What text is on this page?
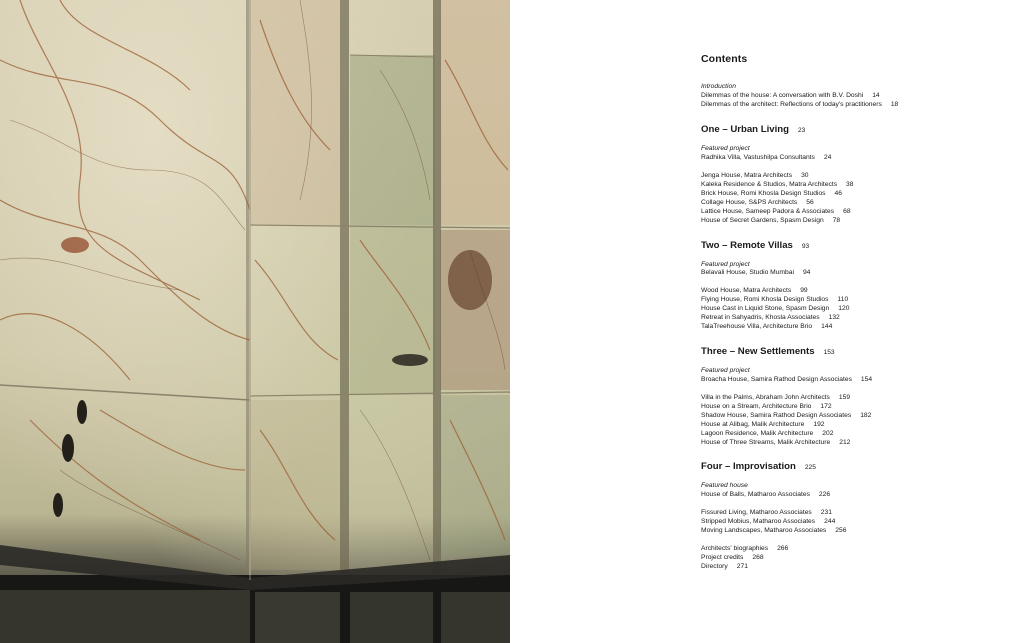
Contents
Introduction
Dilemmas of the house: A conversation with B.V. Doshi 14
Dilemmas of the architect: Reflections of today's practitioners 18
One – Urban Living 23
Featured project
Radhika Villa, Vastushilpa Consultants 24
Jenga House, Matra Architects 30
Kaleka Residence & Studios, Matra Architects 38
Brick House, Romi Khosla Design Studios 46
Collage House, S&PS Architects 56
Lattice House, Sameep Padora & Associates 68
House of Secret Gardens, Spasm Design 78
Two – Remote Villas 93
Featured project
Belavali House, Studio Mumbai 94
Wood House, Matra Architects 99
Flying House, Romi Khosla Design Studios 110
House Cast in Liquid Stone, Spasm Design 120
Retreat in Sahyadris, Khosla Associates 132
TalaTreehouse Villa, Architecture Brio 144
Three – New Settlements 153
Featured project
Broacha House, Samira Rathod Design Associates 154
Villa in the Palms, Abraham John Architects 159
House on a Stream, Architecture Brio 172
Shadow House, Samira Rathod Design Associates 182
House at Alibag, Malik Architecture 192
Lagoon Residence, Malik Architecture 202
House of Three Streams, Malik Architecture 212
Four – Improvisation 225
Featured house
House of Balls, Matharoo Associates 226
Fissured Living, Matharoo Associates 231
Stripped Mobius, Matharoo Associates 244
Moving Landscapes, Matharoo Associates 256
Architects' biographies 266
Project credits 268
Directory 271
